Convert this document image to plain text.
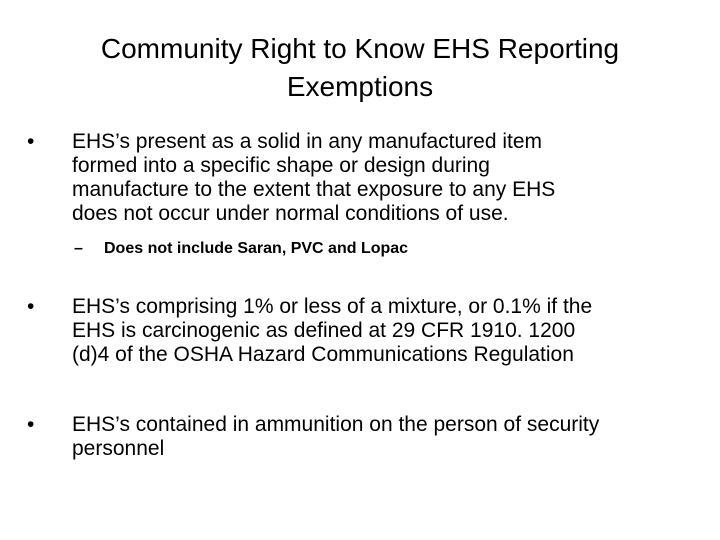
Community Right to Know EHS Reporting
Exemptions
•	EHS’s present as a solid in any manufactured item
formed into a specific shape or design during
manufacture to the extent that exposure to any EHS
does not occur under normal conditions of use.
– Does not include Saran, PVC and Lopac
•	EHS’s comprising 1% or less of a mixture, or 0.1% if the
EHS is carcinogenic as defined at 29 CFR 1910. 1200
(d)4 of the OSHA Hazard Communications Regulation
•	EHS’s contained in ammunition on the person of security
personnel
